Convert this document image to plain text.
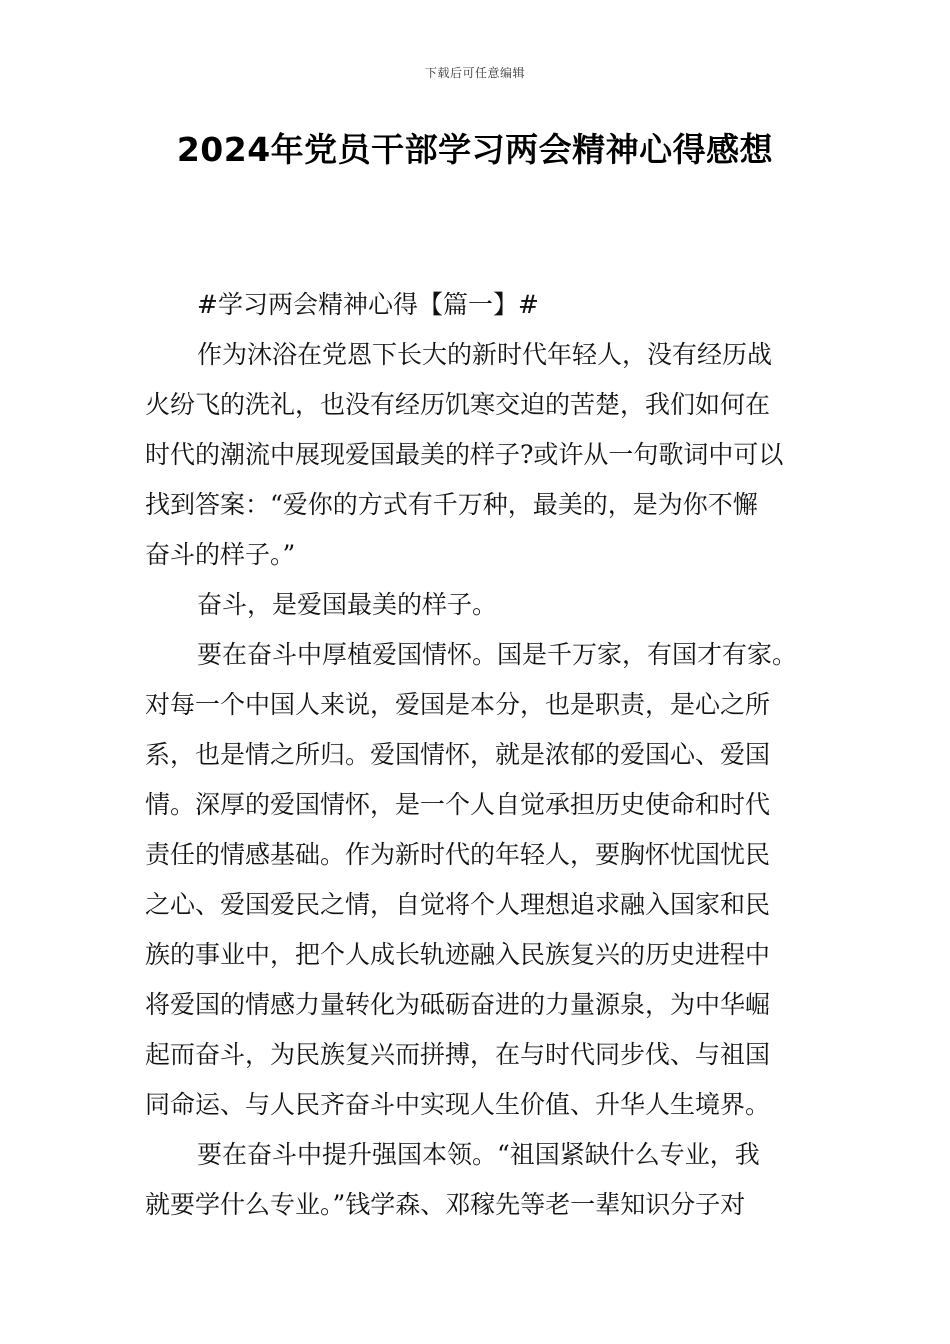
下载后可任意编辑
2024年党员干部学习两会精神心得感想
#学习两会精神心得【篇一】#
作为沐浴在党恩下长大的新时代年轻人，没有经历战
火纷飞的洗礼，也没有经历饥寒交迫的苦楚，我们如何在
时代的潮流中展现爱国最美的样子?或许从一句歌词中可以
找到答案：“爱你的方式有千万种，最美的，是为你不懈
奋斗的样子。”
奋斗，是爱国最美的样子。
要在奋斗中厚植爱国情怀。国是千万家，有国才有家。
对每一个中国人来说，爱国是本分，也是职责，是心之所
系，也是情之所归。爱国情怀，就是浓郁的爱国心、爱国
情。深厚的爱国情怀，是一个人自觉承担历史使命和时代
责任的情感基础。作为新时代的年轻人，要胸怀忧国忧民
之心、爱国爱民之情，自觉将个人理想追求融入国家和民
族的事业中，把个人成长轨迹融入民族复兴的历史进程中
将爱国的情感力量转化为砥砺奋进的力量源泉，为中华崛
起而奋斗，为民族复兴而拼搏，在与时代同步伐、与祖国
同命运、与人民齐奋斗中实现人生价值、升华人生境界。
要在奋斗中提升强国本领。“祖国紧缺什么专业，我
就要学什么专业。”钱学森、邓稼先等老一辈知识分子对
